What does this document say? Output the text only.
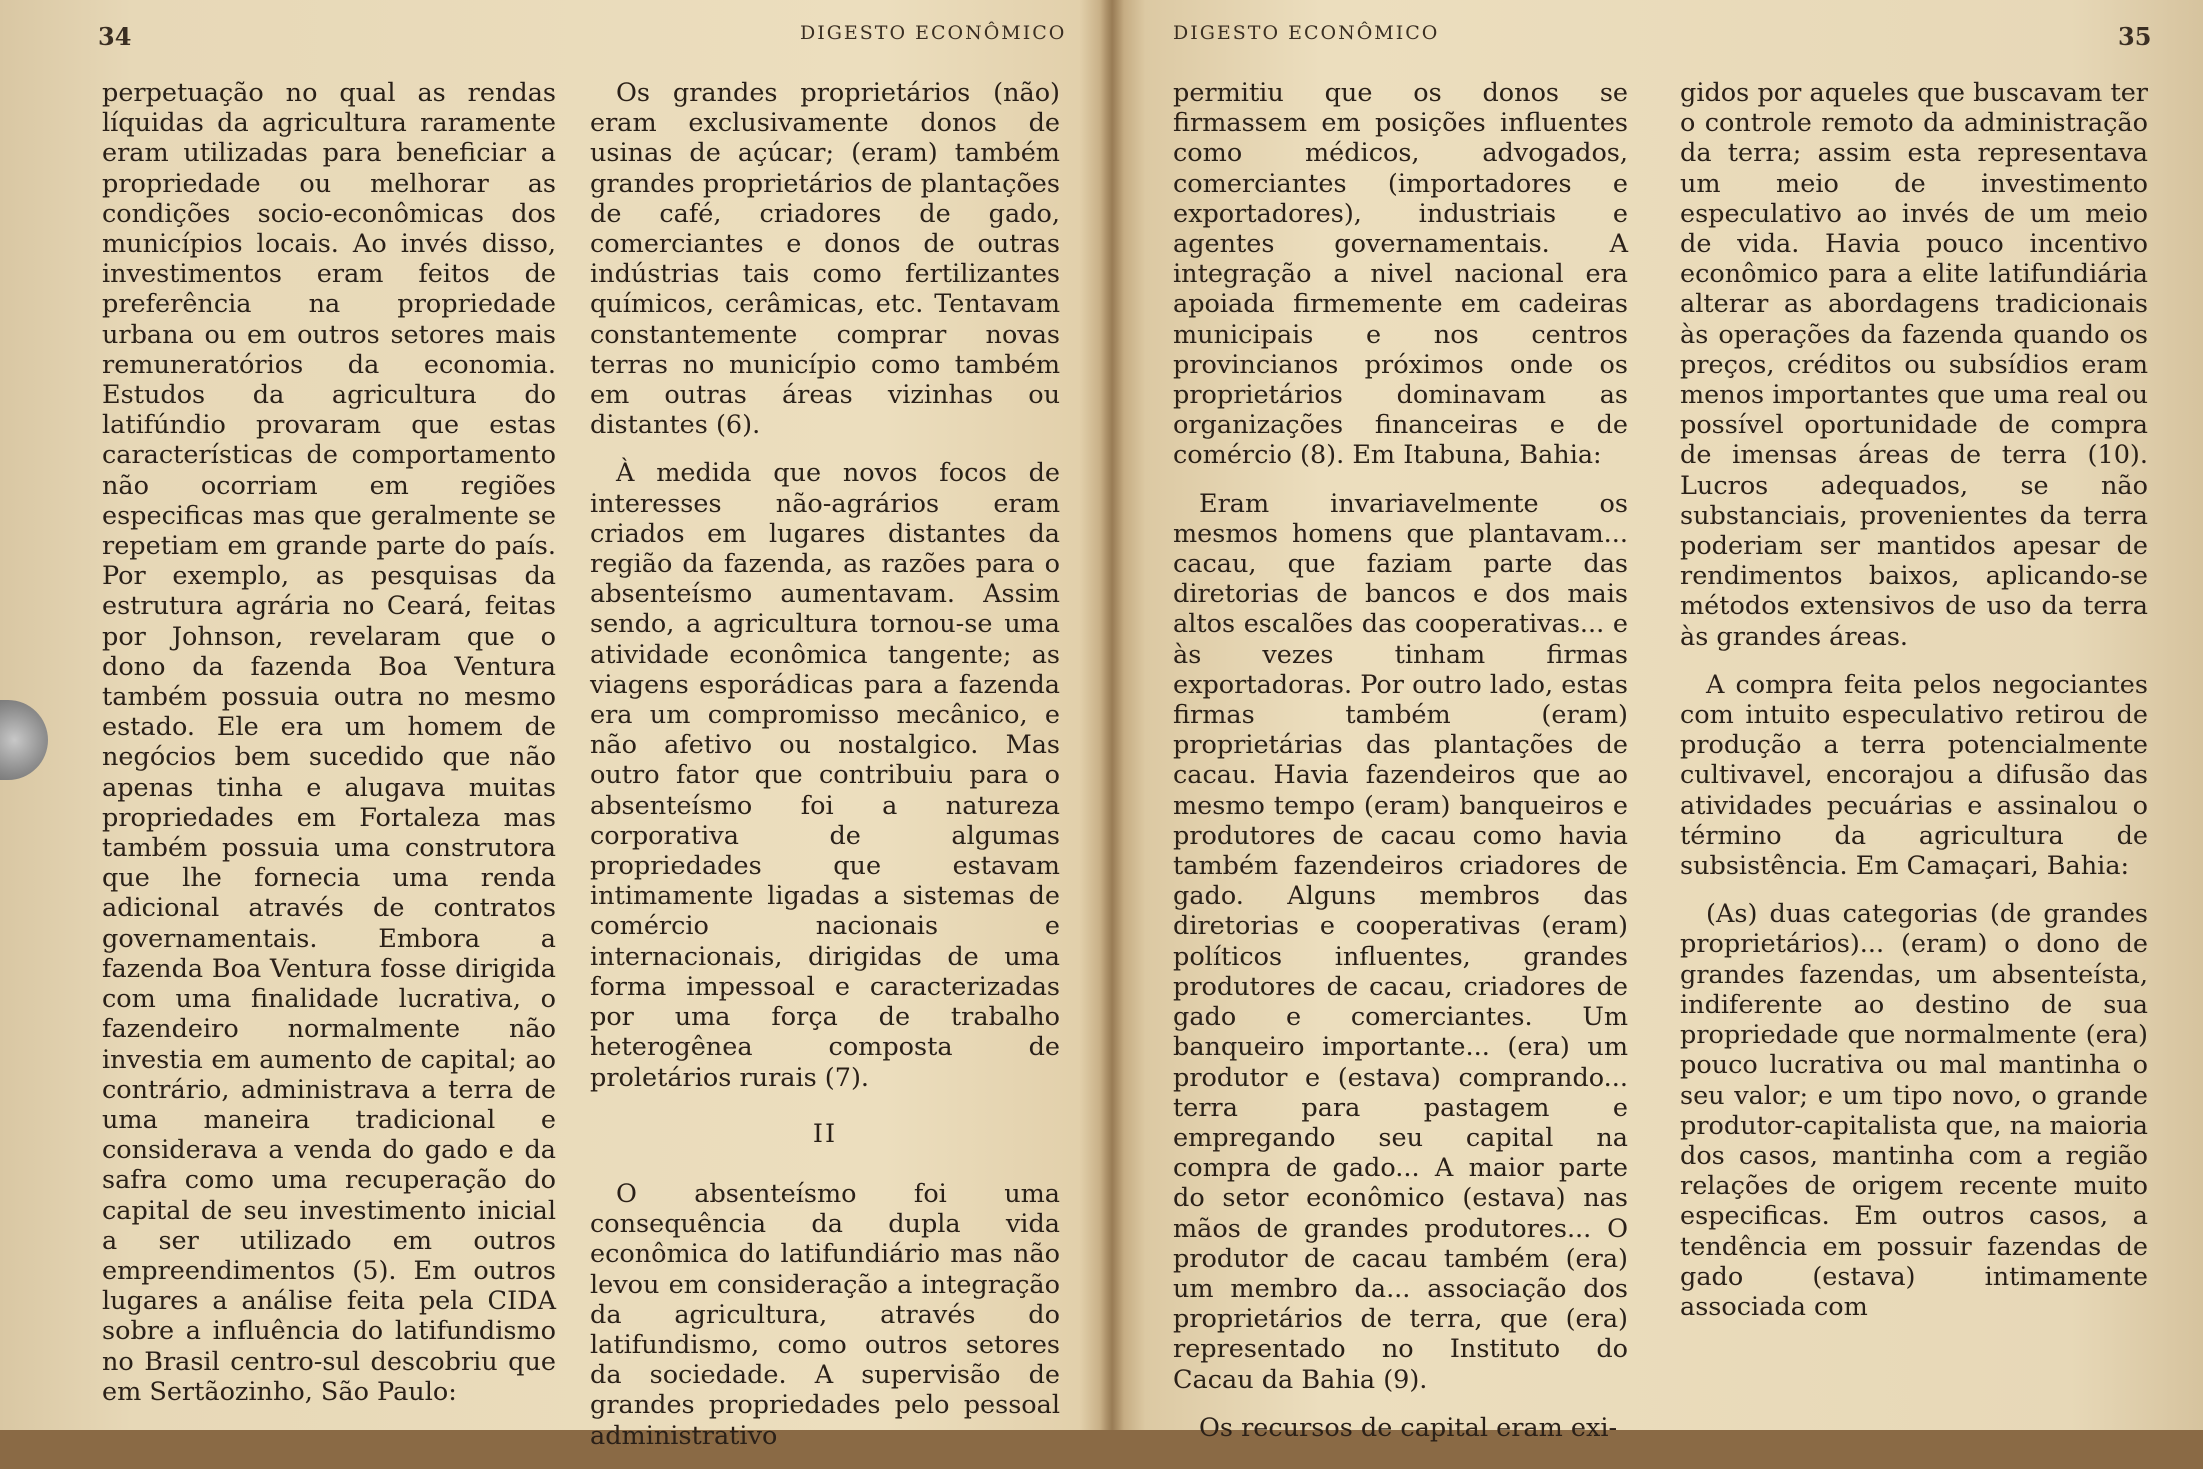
34	DIGESTO ECONÔMICO

perpetuação no qual as rendas líquidas da agricultura raramente eram utilizadas para beneficiar a propriedade ou melhorar as condições socio-econômicas dos municípios locais. Ao invés disso, investimentos eram feitos de preferência na propriedade urbana ou em outros setores mais remuneratórios da economia. Estudos da agricultura do latifúndio provaram que estas características de comportamento não ocorriam em regiões especificas mas que geralmente se repetiam em grande parte do país. Por exemplo, as pesquisas da estrutura agrária no Ceará, feitas por Johnson, revelaram que o dono da fazenda Boa Ventura também possuia outra no mesmo estado. Ele era um homem de negócios bem sucedido que não apenas tinha e alugava muitas propriedades em Fortaleza mas também possuia uma construtora que lhe fornecia uma renda adicional através de contratos governamentais. Embora a fazenda Boa Ventura fosse dirigida com uma finalidade lucrativa, o fazendeiro normalmente não investia em aumento de capital; ao contrário, administrava a terra de uma maneira tradicional e considerava a venda do gado e da safra como uma recuperação do capital de seu investimento inicial a ser utilizado em outros empreendimentos (5). Em outros lugares a análise feita pela CIDA sobre a influência do latifundismo no Brasil centro-sul descobriu que em Sertãozinho, São Paulo:

Os grandes proprietários (não) eram exclusivamente donos de usinas de açúcar; (eram) também grandes proprietários de plantações de café, criadores de gado, comerciantes e donos de outras indústrias tais como fertilizantes químicos, cerâmicas, etc. Tentavam constantemente comprar novas terras no município como também em outras áreas vizinhas ou distantes (6).

À medida que novos focos de interesses não-agrários eram criados em lugares distantes da região da fazenda, as razões para o absenteísmo aumentavam. Assim sendo, a agricultura tornou-se uma atividade econômica tangente; as viagens esporádicas para a fazenda era um compromisso mecânico, e não afetivo ou nostalgico. Mas outro fator que contribuiu para o absenteísmo foi a natureza corporativa de algumas propriedades que estavam intimamente ligadas a sistemas de comércio nacionais e internacionais, dirigidas de uma forma impessoal e caracterizadas por uma força de trabalho heterogênea composta de proletários rurais (7).

II

O absenteísmo foi uma consequência da dupla vida econômica do latifundiário mas não levou em consideração a integração da agricultura, através do latifundismo, como outros setores da sociedade. A supervisão de grandes propriedades pelo pessoal administrativo

DIGESTO ECONÔMICO	35

permitiu que os donos se firmassem em posições influentes como médicos, advogados, comerciantes (importadores e exportadores), industriais e agentes governamentais. A integração a nivel nacional era apoiada firmemente em cadeiras municipais e nos centros provincianos próximos onde os proprietários dominavam as organizações financeiras e de comércio (8). Em Itabuna, Bahia:

Eram invariavelmente os mesmos homens que plantavam... cacau, que faziam parte das diretorias de bancos e dos mais altos escalões das cooperativas... e às vezes tinham firmas exportadoras. Por outro lado, estas firmas também (eram) proprietárias das plantações de cacau. Havia fazendeiros que ao mesmo tempo (eram) banqueiros e produtores de cacau como havia também fazendeiros criadores de gado. Alguns membros das diretorias e cooperativas (eram) políticos influentes, grandes produtores de cacau, criadores de gado e comerciantes. Um banqueiro importante... (era) um produtor e (estava) comprando... terra para pastagem e empregando seu capital na compra de gado... A maior parte do setor econômico (estava) nas mãos de grandes produtores... O produtor de cacau também (era) um membro da... associação dos proprietários de terra, que (era) representado no Instituto do Cacau da Bahia (9).

Os recursos de capital eram exi-

gidos por aqueles que buscavam ter o controle remoto da administração da terra; assim esta representava um meio de investimento especulativo ao invés de um meio de vida. Havia pouco incentivo econômico para a elite latifundiária alterar as abordagens tradicionais às operações da fazenda quando os preços, créditos ou subsídios eram menos importantes que uma real ou possível oportunidade de compra de imensas áreas de terra (10). Lucros adequados, se não substanciais, provenientes da terra poderiam ser mantidos apesar de rendimentos baixos, aplicando-se métodos extensivos de uso da terra às grandes áreas.

A compra feita pelos negociantes com intuito especulativo retirou de produção a terra potencialmente cultivavel, encorajou a difusão das atividades pecuárias e assinalou o término da agricultura de subsistência. Em Camaçari, Bahia:

(As) duas categorias (de grandes proprietários)... (eram) o dono de grandes fazendas, um absenteísta, indiferente ao destino de sua propriedade que normalmente (era) pouco lucrativa ou mal mantinha o seu valor; e um tipo novo, o grande produtor-capitalista que, na maioria dos casos, mantinha com a região relações de origem recente muito especificas. Em outros casos, a tendência em possuir fazendas de gado (estava) intimamente associada com
